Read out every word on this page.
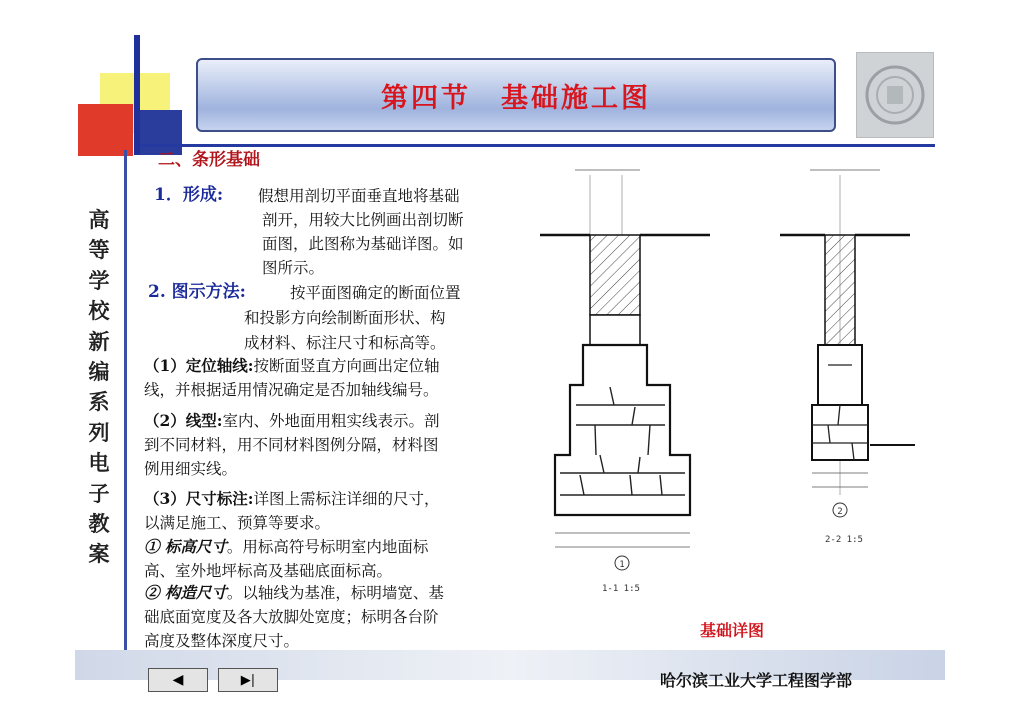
第四节　基础施工图
高
等
学
校
新
编
系
列
电
子
教
案
二、条形基础
1．形成: 假想用剖切平面垂直地将基础
剖开，用较大比例画出剖切断
面图，此图称为基础详图。如
图所示。
2. 图示方法:	按平面图确定的断面位置
和投影方向绘制断面形状、构
成材料、标注尺寸和标高等。
（1）定位轴线:按断面竖直方向画出定位轴
线，并根据适用情况确定是否加轴线编号。
（2）线型:室内、外地面用粗实线表示。剖
到不同材料，用不同材料图例分隔，材料图
例用细实线。
（3）尺寸标注:详图上需标注详细的尺寸，
以满足施工、预算等要求。
① 标高尺寸。用标高符号标明室内地面标
高、室外地坪标高及基础底面标高。
② 构造尺寸。以轴线为基准，标明墙宽、基
础底面宽度及各大放脚处宽度；标明各台阶
高度及整体深度尺寸。
1
1-1 1:5
2
2-2 1:5
基础详图
◀	▶|	哈尔滨工业大学工程图学部
